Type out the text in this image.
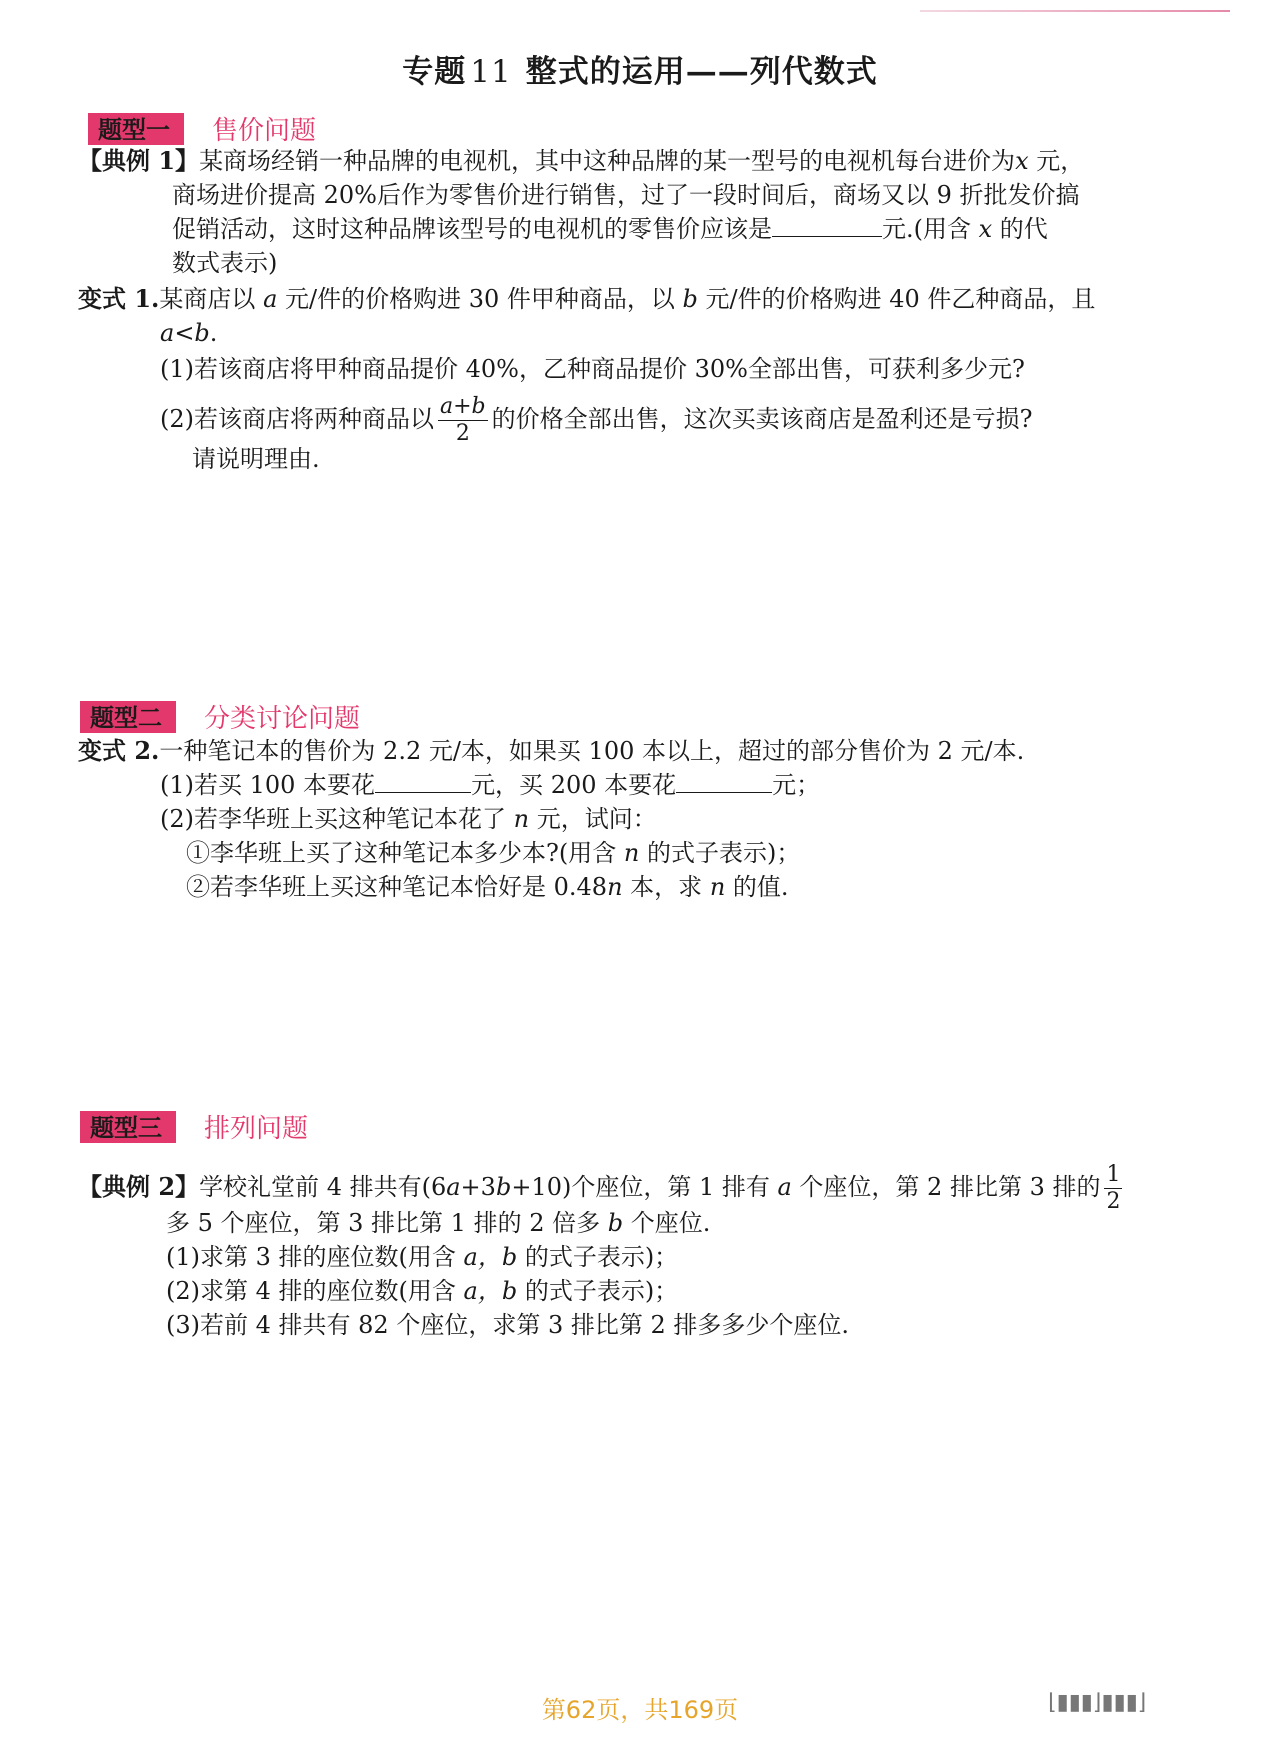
专题 11 整式的运用——列代数式
题型一	售价问题
【典例 1】某商场经销一种品牌的电视机，其中这种品牌的某一型号的电视机每台进价为x 元，
商场进价提高 20%后作为零售价进行销售，过了一段时间后，商场又以 9 折批发价搞
促销活动，这时这种品牌该型号的电视机的零售价应该是	元.(用含 x 的代
数式表示)
变式 1.某商店以 a 元/件的价格购进 30 件甲种商品，以 b 元/件的价格购进 40 件乙种商品，且
a<b.
(1)若该商店将甲种商品提价 40%，乙种商品提价 30%全部出售，可获利多少元?
(2)若该商店将两种商品以 $\frac{a+b}{2}$ 的价格全部出售，这次买卖该商店是盈利还是亏损?
请说明理由.
题型二	分类讨论问题
变式 2.一种笔记本的售价为 2.2 元/本，如果买 100 本以上，超过的部分售价为 2 元/本.
(1)若买 100 本要花	元，买 200 本要花	元；
(2)若李华班上买这种笔记本花了 n 元，试问：
①李华班上买了这种笔记本多少本?(用含 n 的式子表示)；
②若李华班上买这种笔记本恰好是 0.48n 本，求 n 的值.
题型三	排列问题
【典例 2】学校礼堂前 4 排共有(6a+3b+10)个座位，第 1 排有 a 个座位，第 2 排比第 3 排的 $\frac{1}{2}$
多 5 个座位，第 3 排比第 1 排的 2 倍多 b 个座位.
(1)求第 3 排的座位数(用含 a，b 的式子表示)；
(2)求第 4 排的座位数(用含 a，b 的式子表示)；
(3)若前 4 排共有 82 个座位，求第 3 排比第 2 排多多少个座位.
第62页，共169页	⌊▮▮▮⌋▮▮▮⌋
